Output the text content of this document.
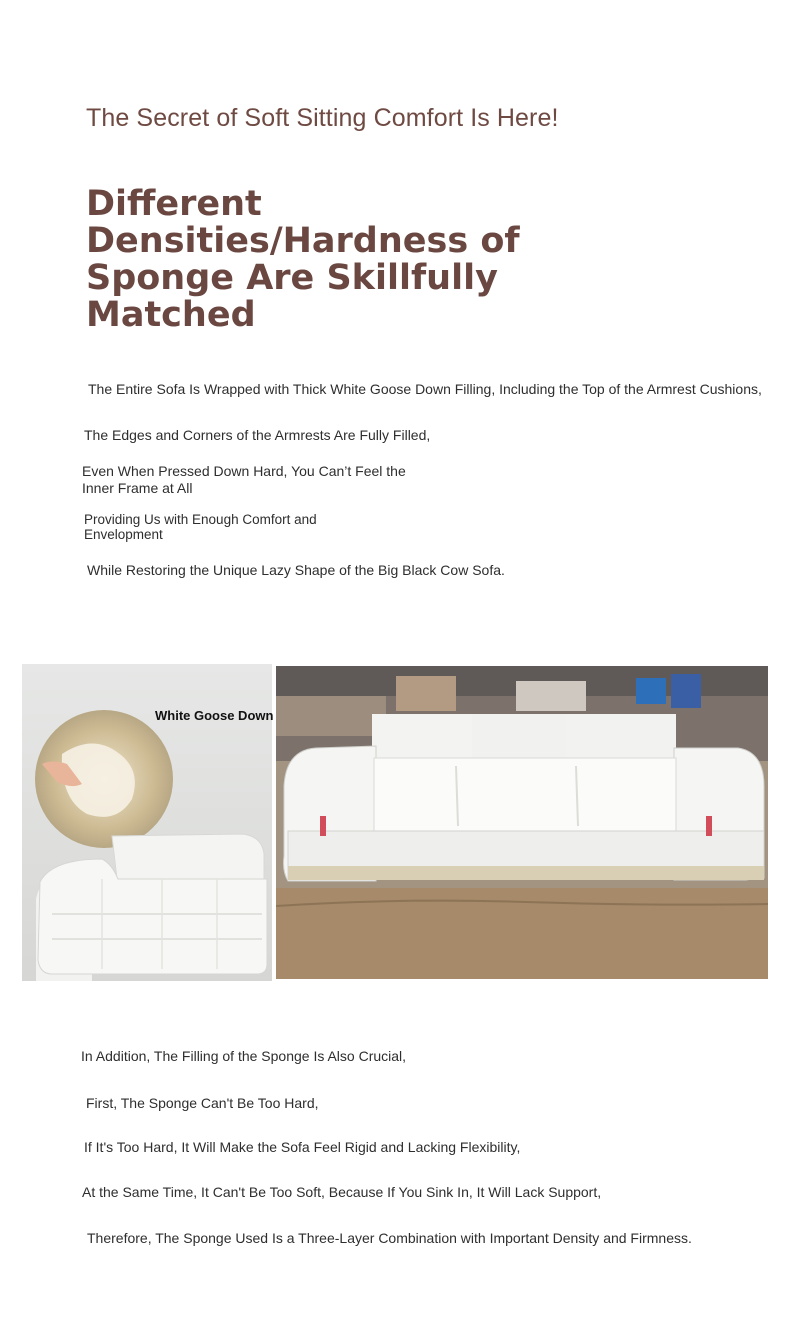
The Secret of Soft Sitting Comfort Is Here!
Different Densities/Hardness of Sponge Are Skillfully Matched
The Entire Sofa Is Wrapped with Thick White Goose Down Filling, Including the Top of the Armrest Cushions,
The Edges and Corners of the Armrests Are Fully Filled,
Even When Pressed Down Hard, You Can’t Feel the Inner Frame at All
Providing Us with Enough Comfort and Envelopment
While Restoring the Unique Lazy Shape of the Big Black Cow Sofa.
White Goose Down
In Addition, The Filling of the Sponge Is Also Crucial,
First, The Sponge Can't Be Too Hard,
If It's Too Hard, It Will Make the Sofa Feel Rigid and Lacking Flexibility,
At the Same Time, It Can't Be Too Soft, Because If You Sink In, It Will Lack Support,
Therefore, The Sponge Used Is a Three-Layer Combination with Important Density and Firmness.
